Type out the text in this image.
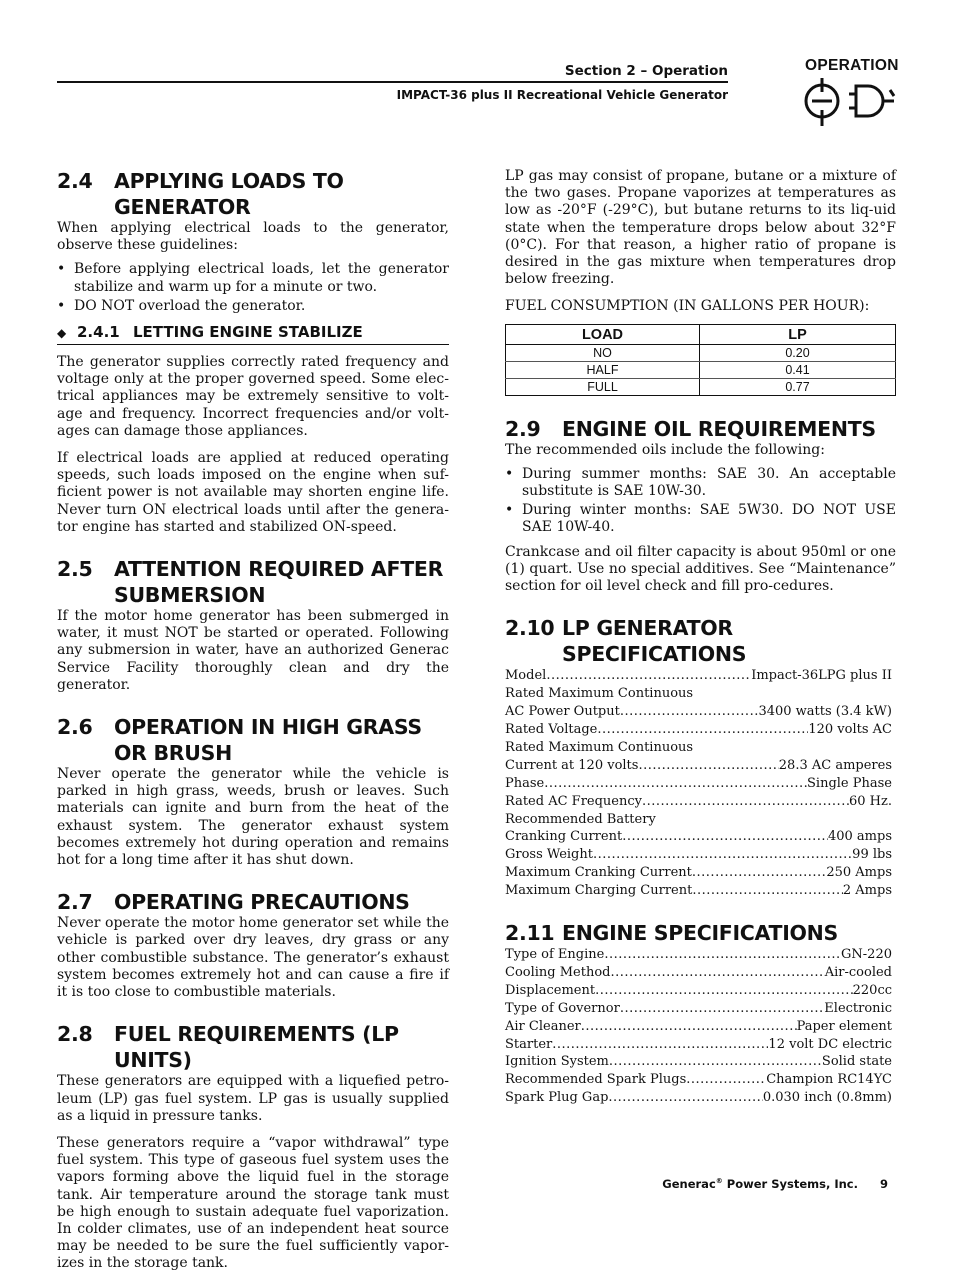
Section 2 – Operation
IMPACT-36 plus II Recreational Vehicle Generator
OPERATION
2.4	APPLYING LOADS TO GENERATOR

When applying electrical loads to the generator, observe these guidelines:

• Before applying electrical loads, let the generator stabilize and warm up for a minute or two.
• DO NOT overload the generator.
◆ 2.4.1 LETTING ENGINE STABILIZE

The generator supplies correctly rated frequency and voltage only at the proper governed speed. Some elec-trical appliances may be extremely sensitive to volt-age and frequency. Incorrect frequencies and/or volt-ages can damage those appliances.

If electrical loads are applied at reduced operating speeds, such loads imposed on the engine when suf-ficient power is not available may shorten engine life. Never turn ON electrical loads until after the genera-tor engine has started and stabilized ON-speed.

2.5	ATTENTION REQUIRED AFTER SUBMERSION

If the motor home generator has been submerged in water, it must NOT be started or operated. Following any submersion in water, have an authorized Generac Service Facility thoroughly clean and dry the generator.

2.6	OPERATION IN HIGH GRASS OR BRUSH

Never operate the generator while the vehicle is parked in high grass, weeds, brush or leaves. Such materials can ignite and burn from the heat of the exhaust system. The generator exhaust system becomes extremely hot during operation and remains hot for a long time after it has shut down.

2.7	OPERATING PRECAUTIONS

Never operate the motor home generator set while the vehicle is parked over dry leaves, dry grass or any other combustible substance. The generator’s exhaust system becomes extremely hot and can cause a fire if it is too close to combustible materials.

2.8	FUEL REQUIREMENTS (LP UNITS)

These generators are equipped with a liquefied petro-leum (LP) gas fuel system. LP gas is usually supplied as a liquid in pressure tanks.

These generators require a “vapor withdrawal” type fuel system. This type of gaseous fuel system uses the vapors forming above the liquid fuel in the storage tank. Air temperature around the storage tank must be high enough to sustain adequate fuel vaporization. In colder climates, use of an independent heat source may be needed to be sure the fuel sufficiently vapor-izes in the storage tank.

LP gas may consist of propane, butane or a mixture of the two gases. Propane vaporizes at temperatures as low as -20°F (-29°C), but butane returns to its liq-uid state when the temperature drops below about 32°F (0°C). For that reason, a higher ratio of propane is desired in the gas mixture when temperatures drop below freezing.

FUEL CONSUMPTION (IN GALLONS PER HOUR):

LOAD	LP
NO	0.20
HALF	0.41
FULL	0.77
2.9	ENGINE OIL REQUIREMENTS

The recommended oils include the following:

• During summer months: SAE 30. An acceptable substitute is SAE 10W-30.
• During winter months: SAE 5W30. DO NOT USE SAE 10W-40.

Crankcase and oil filter capacity is about 950ml or one (1) quart. Use no special additives. See “Maintenance” section for oil level check and fill pro-cedures.

2.10 LP GENERATOR SPECIFICATIONS
Model .....	Impact-36LPG plus II
Rated Maximum Continuous
AC Power Output .....	3400 watts (3.4 kW)
Rated Voltage .....	120 volts AC
Rated Maximum Continuous
Current at 120 volts .....	28.3 AC amperes
Phase .....	Single Phase
Rated AC Frequency .....	60 Hz.
Recommended Battery
Cranking Current .....	400 amps
Gross Weight .....	99 lbs
Maximum Cranking Current .....	250 Amps
Maximum Charging Current .....	2 Amps
2.11 ENGINE SPECIFICATIONS
Type of Engine .....	GN-220
Cooling Method .....	Air-cooled
Displacement .....	220cc
Type of Governor .....	Electronic
Air Cleaner .....	Paper element
Starter .....	12 volt DC electric
Ignition System .....	Solid state
Recommended Spark Plugs .....	Champion RC14YC
Spark Plug Gap .....	0.030 inch (0.8mm)
Generac® Power Systems, Inc. 9
